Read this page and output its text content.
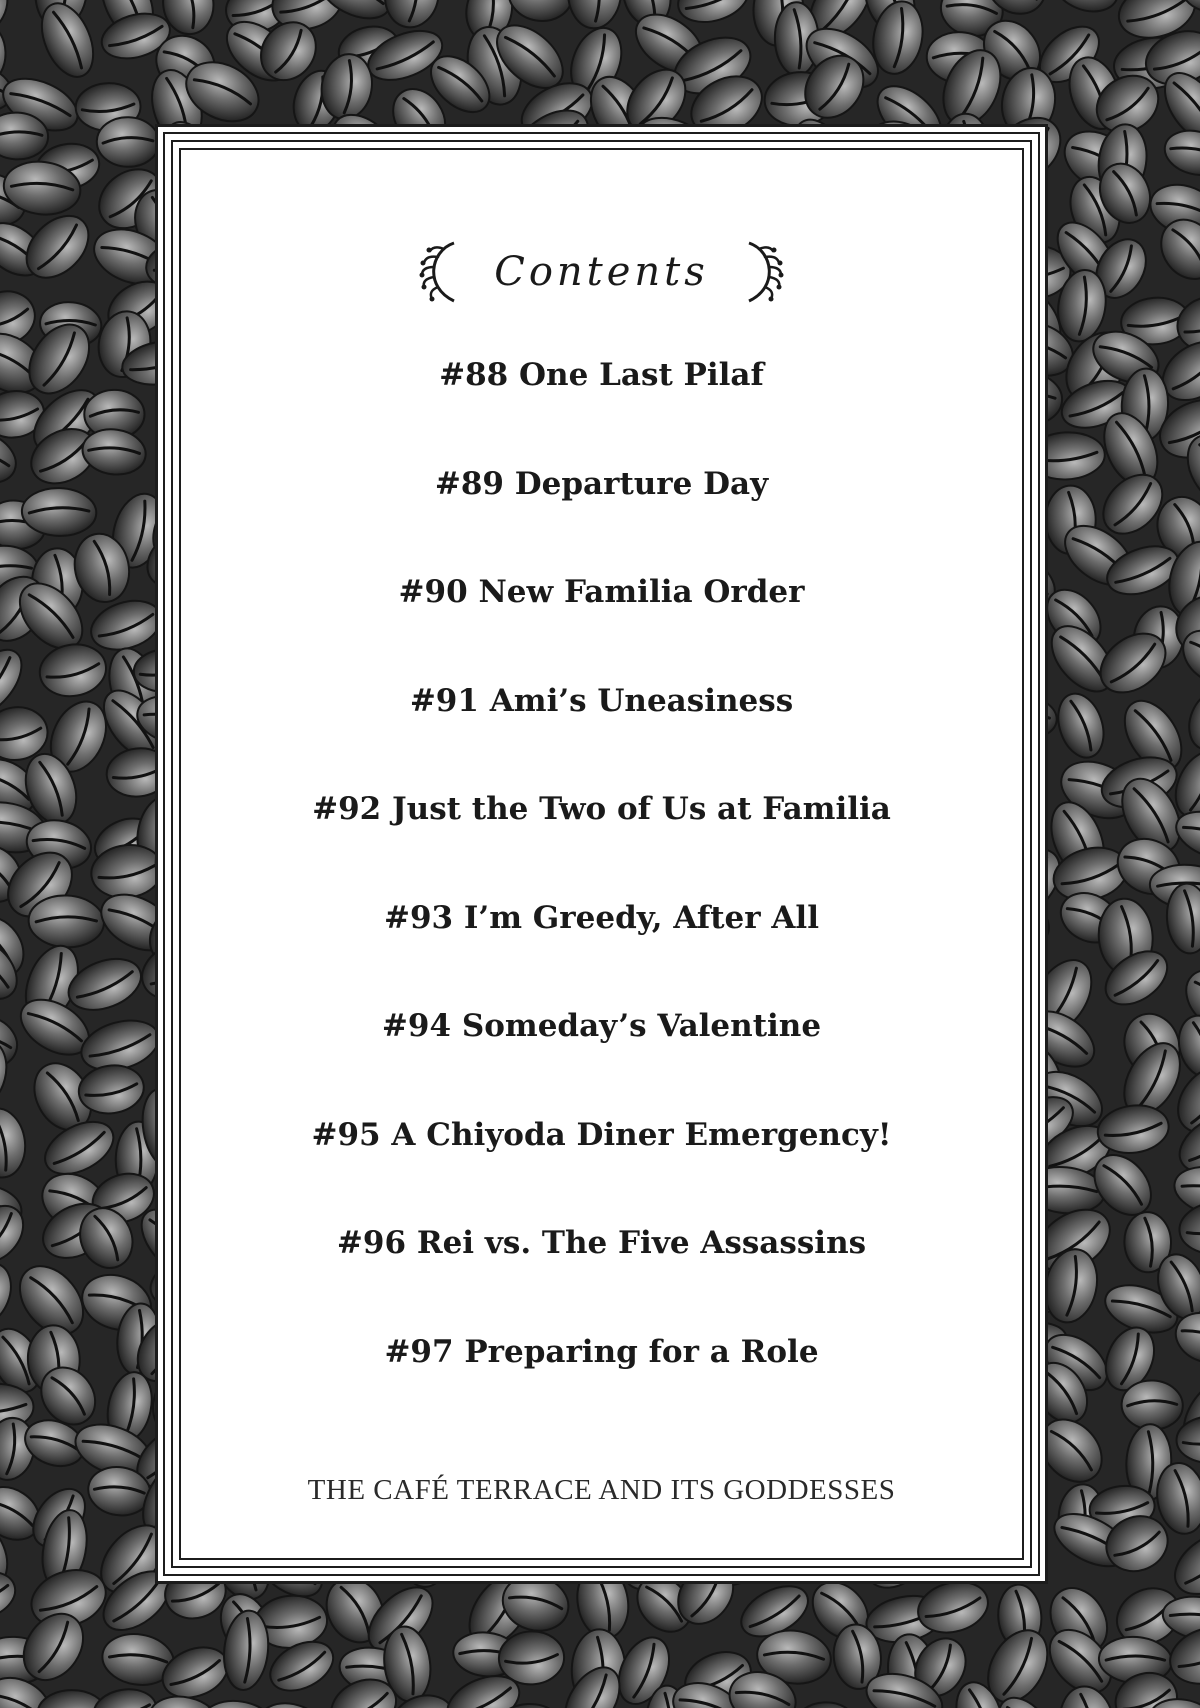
Contents
#88 One Last Pilaf
#89 Departure Day
#90 New Familia Order
#91 Ami’s Uneasiness
#92 Just the Two of Us at Familia
#93 I’m Greedy, After All
#94 Someday’s Valentine
#95 A Chiyoda Diner Emergency!
#96 Rei vs. The Five Assassins
#97 Preparing for a Role
THE CAFÉ TERRACE AND ITS GODDESSES
